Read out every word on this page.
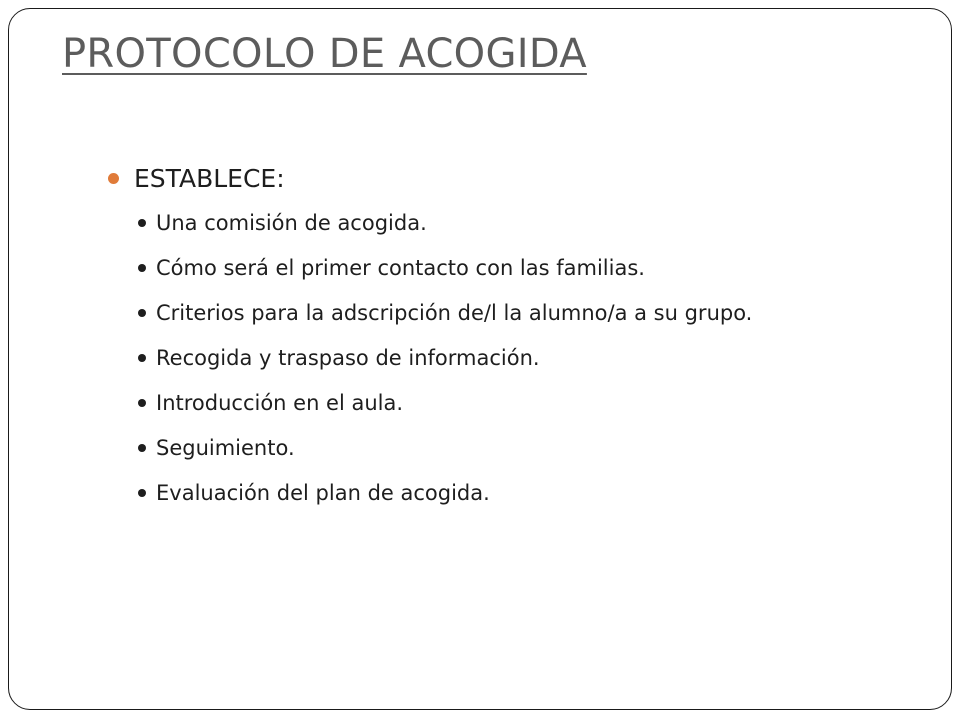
PROTOCOLO DE ACOGIDA
ESTABLECE:
Una comisión de acogida.
Cómo será el primer contacto con las familias.
Criterios para la adscripción de/l la alumno/a a su grupo.
Recogida y traspaso de información.
Introducción en el aula.
Seguimiento.
Evaluación del plan de acogida.
